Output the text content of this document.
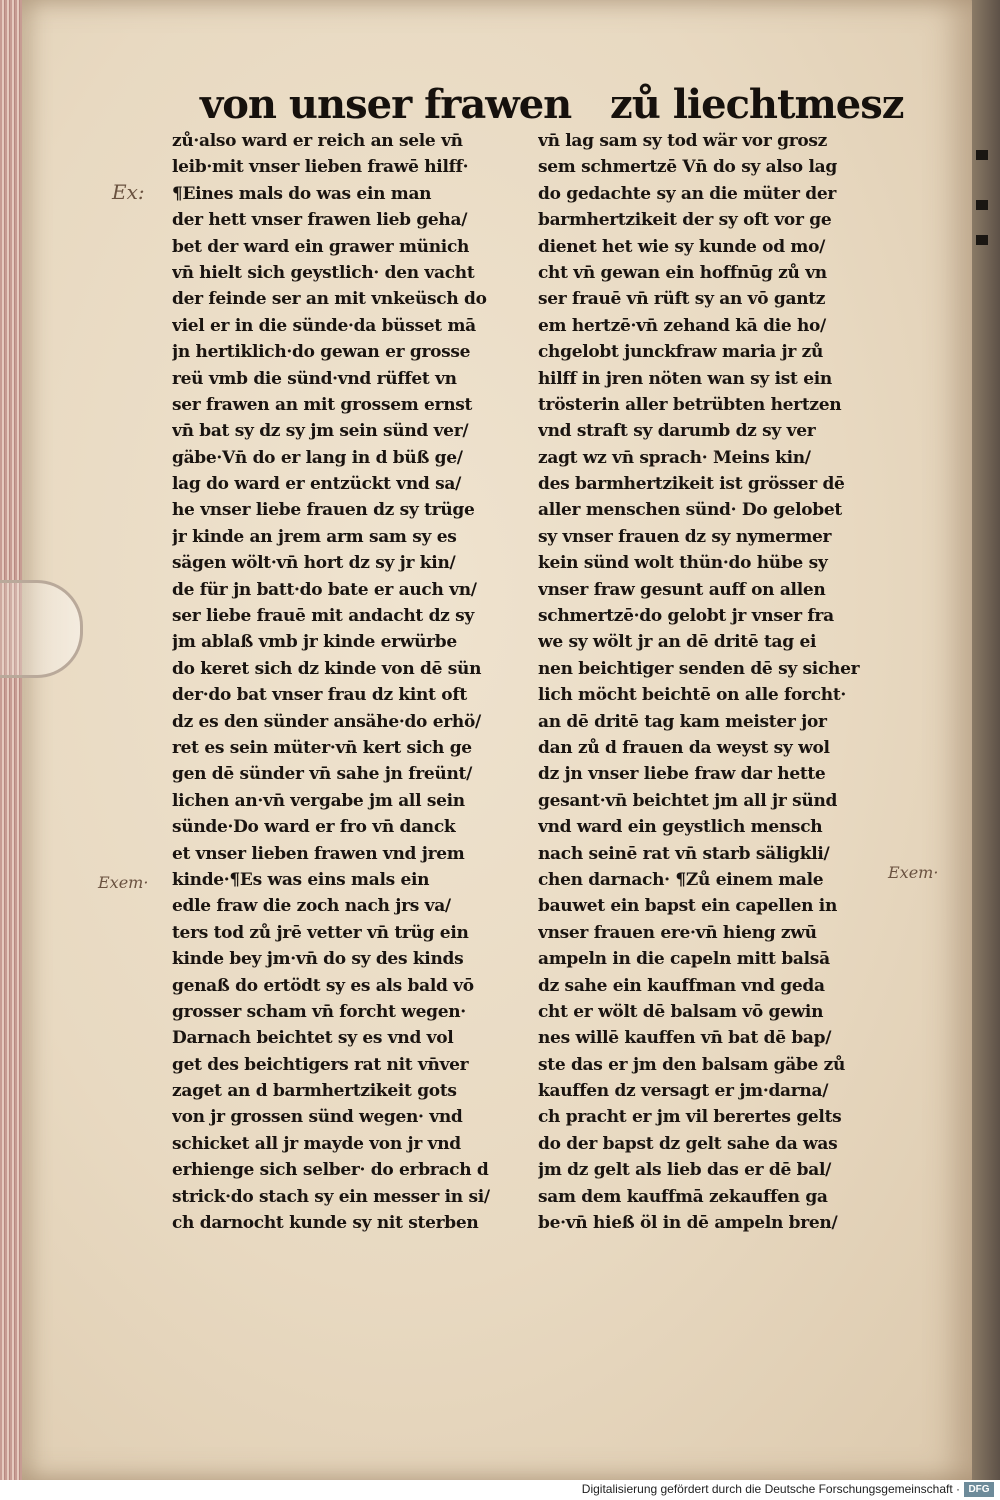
von unser frawen zů liechtmesz
Ex:
Exem·
Exem·
zů·also ward er reich an sele vn̄
leib·mit vnser lieben frawē hilff·
¶Eines mals do was ein man
der hett vnser frawen lieb geha/
bet der ward ein grawer münich
vn̄ hielt sich geystlich· den vacht
der feinde ser an mit vnkeüsch do
viel er in die sünde·da büsset mā
jn hertiklich·do gewan er grosse
reü vmb die sünd·vnd rüffet vn
ser frawen an mit grossem ernst
vn̄ bat sy dz sy jm sein sünd ver/
gäbe·Vn̄ do er lang in d büß ge/
lag do ward er entzückt vnd sa/
he vnser liebe frauen dz sy trüge
jr kinde an jrem arm sam sy es
sägen wölt·vn̄ hort dz sy jr kin/
de für jn batt·do bate er auch vn/
ser liebe frauē mit andacht dz sy
jm ablaß vmb jr kinde erwürbe
do keret sich dz kinde von dē sün
der·do bat vnser frau dz kint oft
dz es den sünder ansähe·do erhö/
ret es sein müter·vn̄ kert sich ge
gen dē sünder vn̄ sahe jn freünt/
lichen an·vn̄ vergabe jm all sein
sünde·Do ward er fro vn̄ danck
et vnser lieben frawen vnd jrem
kinde·¶Es was eins mals ein
edle fraw die zoch nach jrs va/
ters tod zů jrē vetter vn̄ trüg ein
kinde bey jm·vn̄ do sy des kinds
genaß do ertödt sy es als bald vō
grosser scham vn̄ forcht wegen·
Darnach beichtet sy es vnd vol
get des beichtigers rat nit vn̄ver
zaget an d barmhertzikeit gots
von jr grossen sünd wegen· vnd
schicket all jr mayde von jr vnd
erhienge sich selber· do erbrach d
strick·do stach sy ein messer in si/
ch darnocht kunde sy nit sterben
vn̄ lag sam sy tod wär vor grosz
sem schmertzē Vn̄ do sy also lag
do gedachte sy an die müter der
barmhertzikeit der sy oft vor ge
dienet het wie sy kunde od mo/
cht vn̄ gewan ein hoffnūg zů vn
ser frauē vn̄ rüft sy an vō gantz
em hertzē·vn̄ zehand kā die ho/
chgelobt junckfraw maria jr zů
hilff in jren nöten wan sy ist ein
trösterin aller betrübten hertzen
vnd straft sy darumb dz sy ver
zagt wz vn̄ sprach· Meins kin/
des barmhertzikeit ist grösser dē
aller menschen sünd· Do gelobet
sy vnser frauen dz sy nymermer
kein sünd wolt thün·do hübe sy
vnser fraw gesunt auff on allen
schmertzē·do gelobt jr vnser fra
we sy wölt jr an dē dritē tag ei
nen beichtiger senden dē sy sicher
lich möcht beichtē on alle forcht·
an dē dritē tag kam meister jor
dan zů d frauen da weyst sy wol
dz jn vnser liebe fraw dar hette
gesant·vn̄ beichtet jm all jr sünd
vnd ward ein geystlich mensch
nach seinē rat vn̄ starb säligkli/
chen darnach· ¶Zů einem male
bauwet ein bapst ein capellen in
vnser frauen ere·vn̄ hieng zwū
ampeln in die capeln mitt balsā
dz sahe ein kauffman vnd geda
cht er wölt dē balsam vō gewin
nes willē kauffen vn̄ bat dē bap/
ste das er jm den balsam gäbe zů
kauffen dz versagt er jm·darna/
ch pracht er jm vil berertes gelts
do der bapst dz gelt sahe da was
jm dz gelt als lieb das er dē bal/
sam dem kauffmā zekauffen ga
be·vn̄ hieß öl in dē ampeln bren/
Digitalisierung gefördert durch die Deutsche Forschungsgemeinschaft · DFG
